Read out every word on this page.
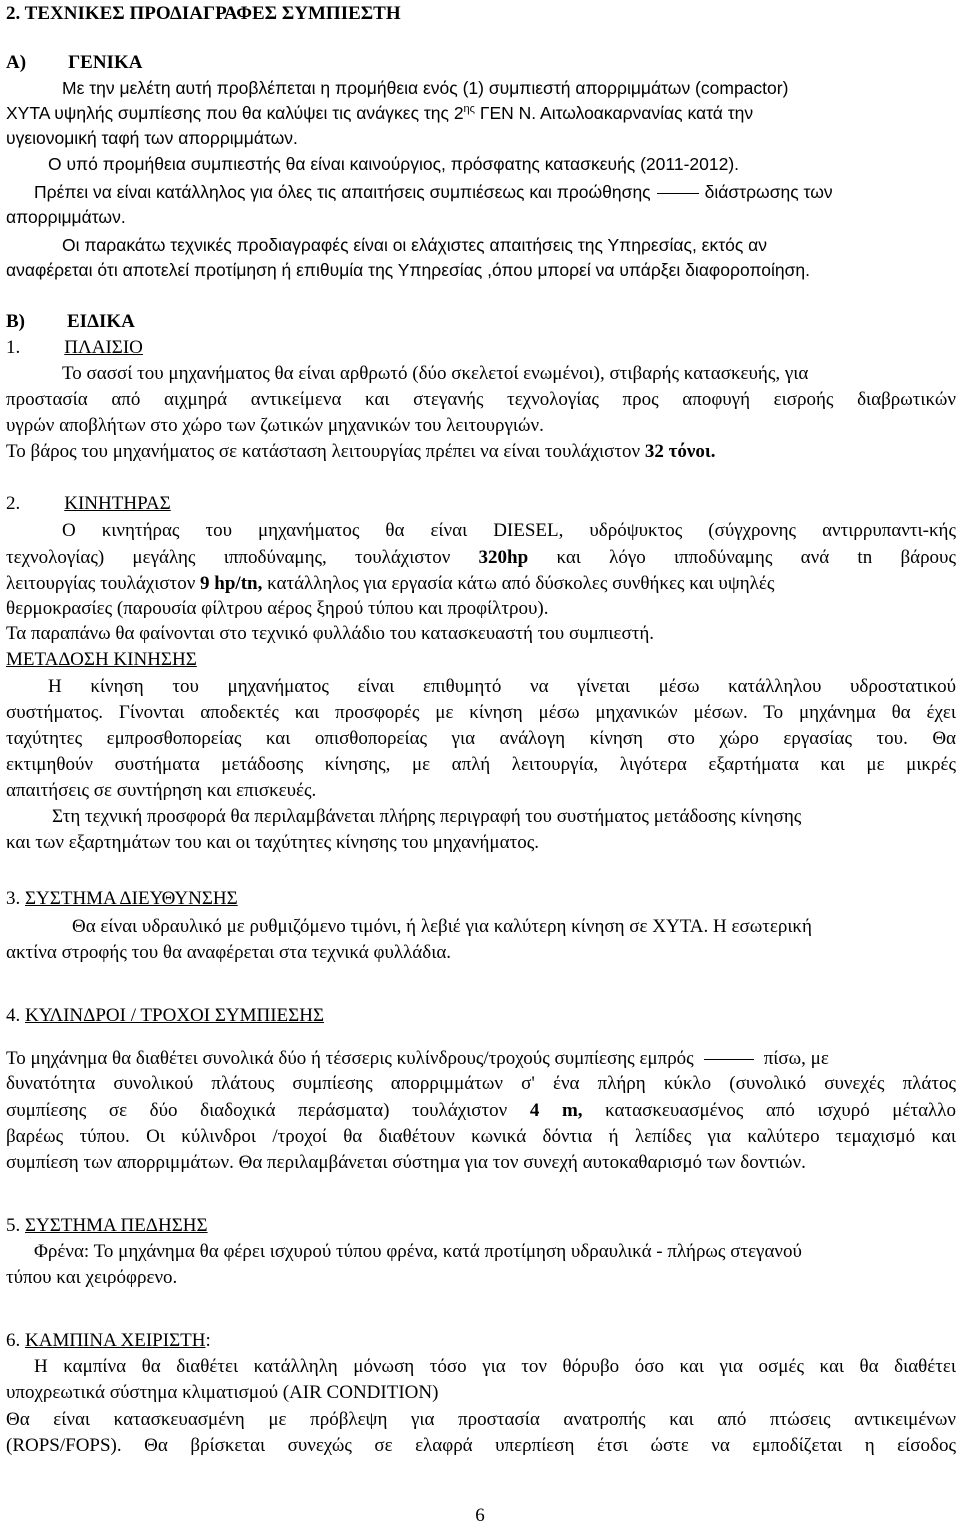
2. ΤΕΧΝΙΚΕΣ ΠΡΟΔΙΑΓΡΑΦΕΣ ΣΥΜΠΙΕΣΤΗ
Α) ΓΕΝΙΚΑ
Με την μελέτη αυτή προβλέπεται η προμήθεια ενός (1) συμπιεστή απορριμμάτων (compactor)
ΧΥΤΑ υψηλής συμπίεσης που θα καλύψει τις ανάγκες της $2^{\eta\varsigma}$ ΓΕΝ Ν. Αιτωλοακαρνανίας κατά την
υγειονομική ταφή των απορριμμάτων.
Ο υπό προμήθεια συμπιεστής θα είναι καινούργιος, πρόσφατης κατασκευής (2011-2012).
Πρέπει να είναι κατάλληλος για όλες τις απαιτήσεις συμπιέσεως και προώθησης	διάστρωσης των
απορριμμάτων.
Οι παρακάτω τεχνικές προδιαγραφές είναι οι ελάχιστες απαιτήσεις της Υπηρεσίας, εκτός αν
αναφέρεται ότι αποτελεί προτίμηση ή επιθυμία της Υπηρεσίας ,όπου μπορεί να υπάρξει διαφοροποίηση.
Β) ΕΙΔΙΚΑ
1. ΠΛΑΙΣΙΟ
Το σασσί του μηχανήματος θα είναι αρθρωτό (δύο σκελετοί ενωμένοι), στιβαρής κατασκευής, για
προστασία από αιχμηρά αντικείμενα και στεγανής τεχνολογίας προς αποφυγή εισροής διαβρωτικών
υγρών αποβλήτων στο χώρο των ζωτικών μηχανικών του λειτουργιών.
Το βάρος του μηχανήματος σε κατάσταση λειτουργίας πρέπει να είναι τουλάχιστον 32 τόνοι.
2. ΚΙΝΗΤΗΡΑΣ
Ο κινητήρας του μηχανήματος θα είναι DIESEL, υδρόψυκτος (σύγχρονης αντιρρυπαντι-κής
τεχνολογίας) μεγάλης ιπποδύναμης, τουλάχιστον 320hp και λόγο ιπποδύναμης ανά tn βάρους
λειτουργίας τουλάχιστον 9 hp/tn, κατάλληλος για εργασία κάτω από δύσκολες συνθήκες και υψηλές
θερμοκρασίες (παρουσία φίλτρου αέρος ξηρού τύπου και προφίλτρου).
Τα παραπάνω θα φαίνονται στο τεχνικό φυλλάδιο του κατασκευαστή του συμπιεστή.
ΜΕΤΑΔΟΣΗ ΚΙΝΗΣΗΣ
Η κίνηση του μηχανήματος είναι επιθυμητό να γίνεται μέσω κατάλληλου υδροστατικού
συστήματος. Γίνονται αποδεκτές και προσφορές με κίνηση μέσω μηχανικών μέσων. Το μηχάνημα θα έχει
ταχύτητες εμπροσθοπορείας και οπισθοπορείας για ανάλογη κίνηση στο χώρο εργασίας του. Θα
εκτιμηθούν συστήματα μετάδοσης κίνησης, με απλή λειτουργία, λιγότερα εξαρτήματα και με μικρές
απαιτήσεις σε συντήρηση και επισκευές.
Στη τεχνική προσφορά θα περιλαμβάνεται πλήρης περιγραφή του συστήματος μετάδοσης κίνησης
και των εξαρτημάτων του και οι ταχύτητες κίνησης του μηχανήματος.
3. ΣΥΣΤΗΜΑ ΔΙΕΥΘΥΝΣΗΣ
Θα είναι υδραυλικό με ρυθμιζόμενο τιμόνι, ή λεβιέ για καλύτερη κίνηση σε ΧΥΤΑ. Η εσωτερική
ακτίνα στροφής του θα αναφέρεται στα τεχνικά φυλλάδια.
4. ΚΥΛΙΝΔΡΟΙ / ΤΡΟΧΟΙ ΣΥΜΠΙΕΣΗΣ
Το μηχάνημα θα διαθέτει συνολικά δύο ή τέσσερις κυλίνδρους/τροχούς συμπίεσης εμπρός	πίσω, με
δυνατότητα συνολικού πλάτους συμπίεσης απορριμμάτων σ' ένα πλήρη κύκλο (συνολικό συνεχές πλάτος
συμπίεσης σε δύο διαδοχικά περάσματα) τουλάχιστον 4 m, κατασκευασμένος από ισχυρό μέταλλο
βαρέως τύπου. Οι κύλινδροι /τροχοί θα διαθέτουν κωνικά δόντια ή λεπίδες για καλύτερο τεμαχισμό και
συμπίεση των απορριμμάτων. Θα περιλαμβάνεται σύστημα για τον συνεχή αυτοκαθαρισμό των δοντιών.
5. ΣΥΣΤΗΜΑ ΠΕΔΗΣΗΣ
Φρένα: Το μηχάνημα θα φέρει ισχυρού τύπου φρένα, κατά προτίμηση υδραυλικά - πλήρως στεγανού
τύπου και χειρόφρενο.
6. ΚΑΜΠΙΝΑ ΧΕΙΡΙΣΤΗ:
Η καμπίνα θα διαθέτει κατάλληλη μόνωση τόσο για τον θόρυβο όσο και για οσμές και θα διαθέτει
υποχρεωτικά σύστημα κλιματισμού (AIR CONDITION)
Θα είναι κατασκευασμένη με πρόβλεψη για προστασία ανατροπής και από πτώσεις αντικειμένων
(ROPS/FOPS). Θα βρίσκεται συνεχώς σε ελαφρά υπερπίεση έτσι ώστε να εμποδίζεται η είσοδος
6
